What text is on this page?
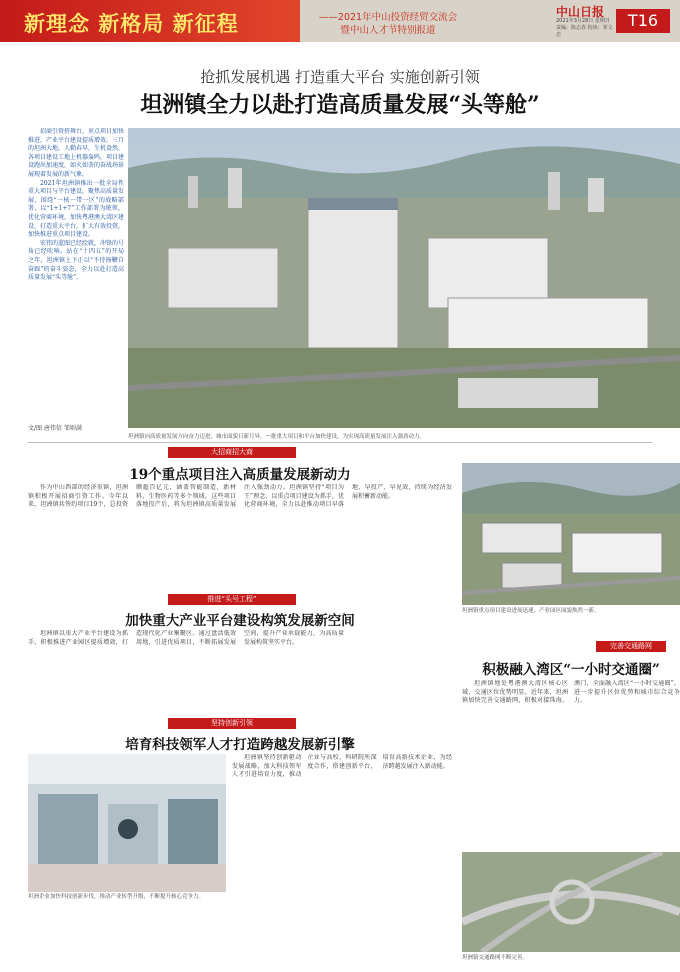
新理念 新格局 新征程	——2021年中山投资经贸交流会
暨中山人才节特别报道
中山日报
2021年3月28日 星期日
责编：陈志春 校读：邹文忠
T16
抢抓发展机遇 打造重大平台 实施创新引领
坦洲镇全力以赴打造高质量发展“头等舱”

招商引资搭舞台，重点项目加快推进，产业平台建设提质增效。三月的坦洲大地，人勤春早，生机盎然，各项目建设工地上机器轰鸣，项目建设跑出加速度，如火如荼的奋战场景展现着发展的新气象。

2021年坦洲镇推出一批全局性重大项目与平台建设，聚焦高质量发展，围绕“一核一带一区”的战略部署，以“1+1+7”工作部署为统领，优化营商环境，加快粤港澳大湾区建设，打造重大平台，扩大有效投资，加快推进重点项目建设。

宏伟的蓝图已经绘就，冲锋的号角已经吹响。站在“十四五”的开局之年，坦洲镇上下正以“不待扬鞭自奋蹄”的奋斗姿态，全力以赴打造高质量发展“头等舱”。

文/图 唐伟信 邹则满
坦洲镇向高质量发展方向奋力迈进，城市面貌日新月异，一批重大项目和平台加快建设，为实现高质量发展注入强劲动力。
大招商招大商
19个重点项目注入高质量发展新动力

作为中山西部的经济重镇，坦洲镇积极开展招商引资工作。今年以来，坦洲镇共签约项目19个，总投资额超百亿元，涵盖智能制造、新材料、生物医药等多个领域。这些项目落地投产后，将为坦洲镇高质量发展注入强劲动力。坦洲镇坚持“项目为王”理念，以重点项目建设为抓手，优化营商环境，全力以赴推动项目早落地、早投产、早见效，持续为经济发展积蓄新动能。

推进“头号工程”
加快重大产业平台建设构筑发展新空间

坦洲镇以重大产业平台建设为抓手，积极推进产业园区提质增效，打造现代化产业集聚区。通过盘活低效用地，引进优质项目，不断拓展发展空间，提升产业承载能力，为高质量发展构筑坚实平台。

坚持创新引领
培育科技领军人才打造跨越发展新引擎
坦洲企业加快科技创新步伐，推动产业转型升级，不断提升核心竞争力。

坦洲镇坚持创新驱动发展战略，加大科技领军人才引进培育力度，推动企业与高校、科研院所深度合作，搭建创新平台，培育高新技术企业，为经济跨越发展注入新动能。

坦洲镇重点项目建设进展迅速，产业园区面貌焕然一新。
完善交通路网
积极融入湾区“一小时交通圈”

坦洲镇地处粤港澳大湾区核心区域，交通区位优势明显。近年来，坦洲镇加快完善交通路网，积极对接珠海、澳门，全面融入湾区“一小时交通圈”，进一步提升区位优势和城市综合竞争力。

坦洲镇交通路网不断完善。
